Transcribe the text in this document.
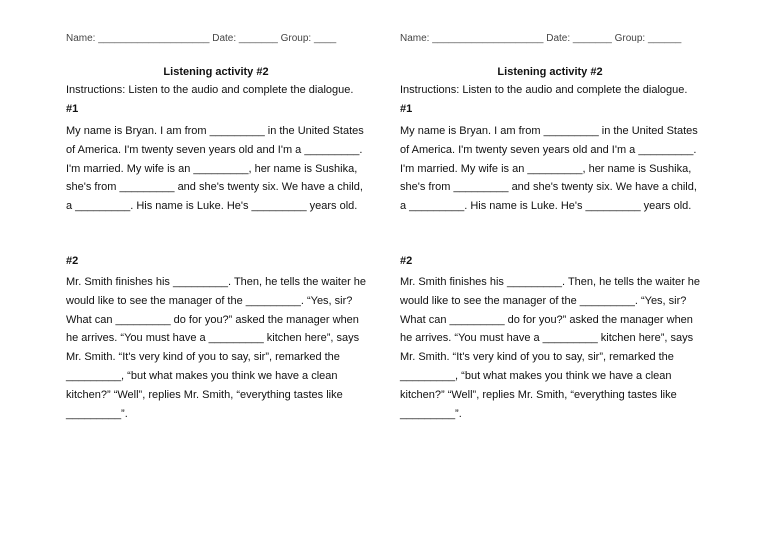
Name: ____________________ Date: _______ Group: ____
Listening activity #2
Instructions: Listen to the audio and complete the dialogue.
#1
My name is Bryan. I am from _________ in the United States
of America. I'm twenty seven years old and I'm a _________.
I'm married. My wife is an _________, her name is Sushika,
she's from _________ and she's twenty six. We have a child,
a _________. His name is Luke. He's _________ years old.
#2
Mr. Smith finishes his _________. Then, he tells the waiter he
would like to see the manager of the _________. “Yes, sir?
What can _________ do for you?” asked the manager when
he arrives. “You must have a _________ kitchen here”, says
Mr. Smith. “It's very kind of you to say, sir”, remarked the
_________, “but what makes you think we have a clean
kitchen?” “Well”, replies Mr. Smith, “everything tastes like
_________”.
Name: ____________________ Date: _______ Group: ______
Listening activity #2
Instructions: Listen to the audio and complete the dialogue.
#1
My name is Bryan. I am from _________ in the United States
of America. I'm twenty seven years old and I'm a _________.
I'm married. My wife is an _________, her name is Sushika,
she's from _________ and she's twenty six. We have a child,
a _________. His name is Luke. He's _________ years old.
#2
Mr. Smith finishes his _________. Then, he tells the waiter he
would like to see the manager of the _________. “Yes, sir?
What can _________ do for you?” asked the manager when
he arrives. “You must have a _________ kitchen here”, says
Mr. Smith. “It's very kind of you to say, sir”, remarked the
_________, “but what makes you think we have a clean
kitchen?” “Well”, replies Mr. Smith, “everything tastes like
_________”.
